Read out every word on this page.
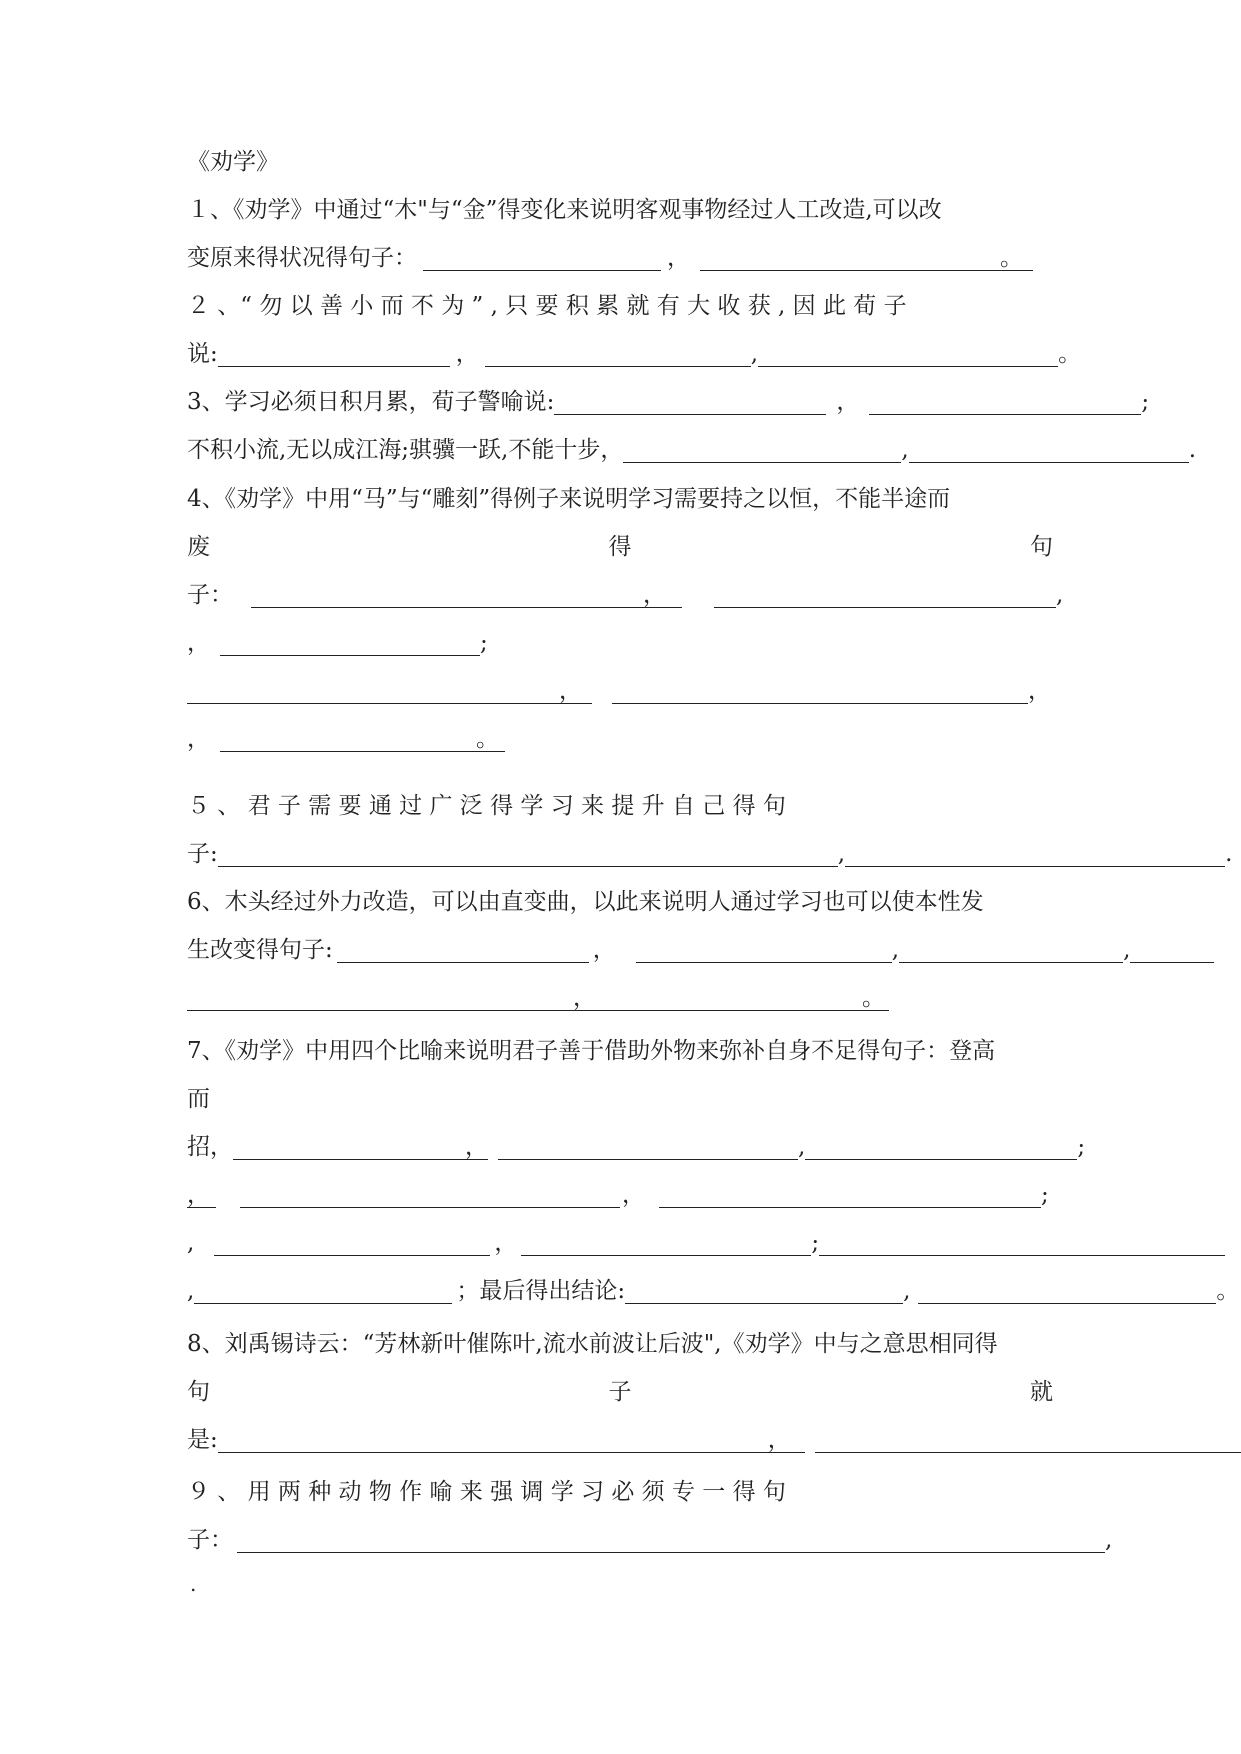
《劝学》
１、《劝学》中通过“木"与“金”得变化来说明客观事物经过人工改造,可以改
变原来得状况得句子：	，	。
２ 、“ 勿 以 善 小 而 不 为 ” , 只 要 积 累 就 有 大 收 获 , 因 此 荀 子
说:	，	,	。
3、学习必须日积月累，荀子警喻说:	，	;
不积小流,无以成江海;骐骥一跃,不能十步，	,	.
4、《劝学》中用“马”与“雕刻”得例子来说明学习需要持之以恒，不能半途而
废	得	句
子：	，	,
，	;
，	，
，	。
５ 、 君 子 需 要 通 过 广 泛 得 学 习 来 提 升 自 己 得 句
子:	,	.
6、木头经过外力改造，可以由直变曲，以此来说明人通过学习也可以使本性发
生改变得句子:	，	,	,
，	。
7、《劝学》中用四个比喻来说明君子善于借助外物来弥补自身不足得句子：登高
而
招，	，	,	;
，	，	;
,	，	;
,	；最后得出结论:	,	。
8、刘禹锡诗云：“芳林新叶催陈叶,流水前波让后波",《劝学》中与之意思相同得
句	子	就
是:	，
９ 、 用 两 种 动 物 作 喻 来 强 调 学 习 必 须 专 一 得 句
子：	,
.
